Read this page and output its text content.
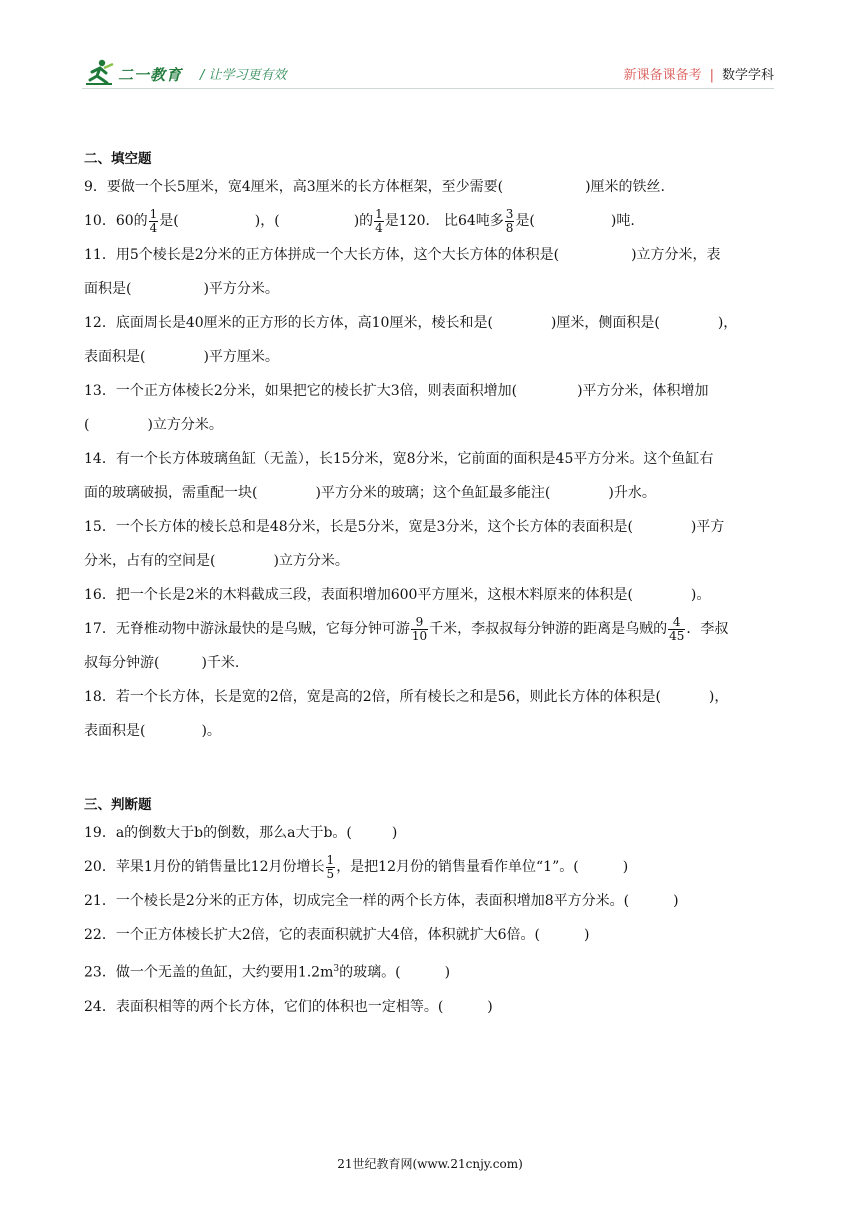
二一教育 / 让学习更有效	新课备课备考 | 数学学科
二、填空题
9．要做一个长5厘米，宽4厘米，高3厘米的长方体框架，至少需要(	)厘米的铁丝.
10．60的 $\frac{1}{4}$ 是(	)，(	)的 $\frac{1}{4}$ 是120． 比64吨多 $\frac{3}{8}$ 是(	)吨.
11．用5个棱长是2分米的正方体拼成一个大长方体，这个大长方体的体积是(	)立方分米，表
面积是(	)平方分米。
12．底面周长是40厘米的正方形的长方体，高10厘米，棱长和是(	)厘米，侧面积是(	)，
表面积是(	)平方厘米。
13．一个正方体棱长2分米，如果把它的棱长扩大3倍，则表面积增加(	)平方分米，体积增加
(	)立方分米。
14．有一个长方体玻璃鱼缸（无盖），长15分米，宽8分米，它前面的面积是45平方分米。这个鱼缸右
面的玻璃破损，需重配一块(	)平方分米的玻璃；这个鱼缸最多能注(	)升水。
15．一个长方体的棱长总和是48分米，长是5分米，宽是3分米，这个长方体的表面积是(	)平方
分米，占有的空间是(	)立方分米。
16．把一个长是2米的木料截成三段，表面积增加600平方厘米，这根木料原来的体积是(	)。
17．无脊椎动物中游泳最快的是乌贼，它每分钟可游 $\frac{9}{10}$ 千米，李叔叔每分钟游的距离是乌贼的 $\frac{4}{45}$ ．李叔
叔每分钟游(	)千米.
18．若一个长方体，长是宽的2倍，宽是高的2倍，所有棱长之和是56，则此长方体的体积是(	)，
表面积是(	)。
三、判断题
19．a的倒数大于b的倒数，那么a大于b。(	)
20．苹果1月份的销售量比12月份增长 $\frac{1}{5}$ ，是把12月份的销售量看作单位“1”。(	)
21．一个棱长是2分米的正方体，切成完全一样的两个长方体，表面积增加8平方分米。(	)
22．一个正方体棱长扩大2倍，它的表面积就扩大4倍，体积就扩大6倍。(	)
23．做一个无盖的鱼缸，大约要用$1.2m^3$的玻璃。(	)
24．表面积相等的两个长方体，它们的体积也一定相等。(	)
21世纪教育网(www.21cnjy.com)
